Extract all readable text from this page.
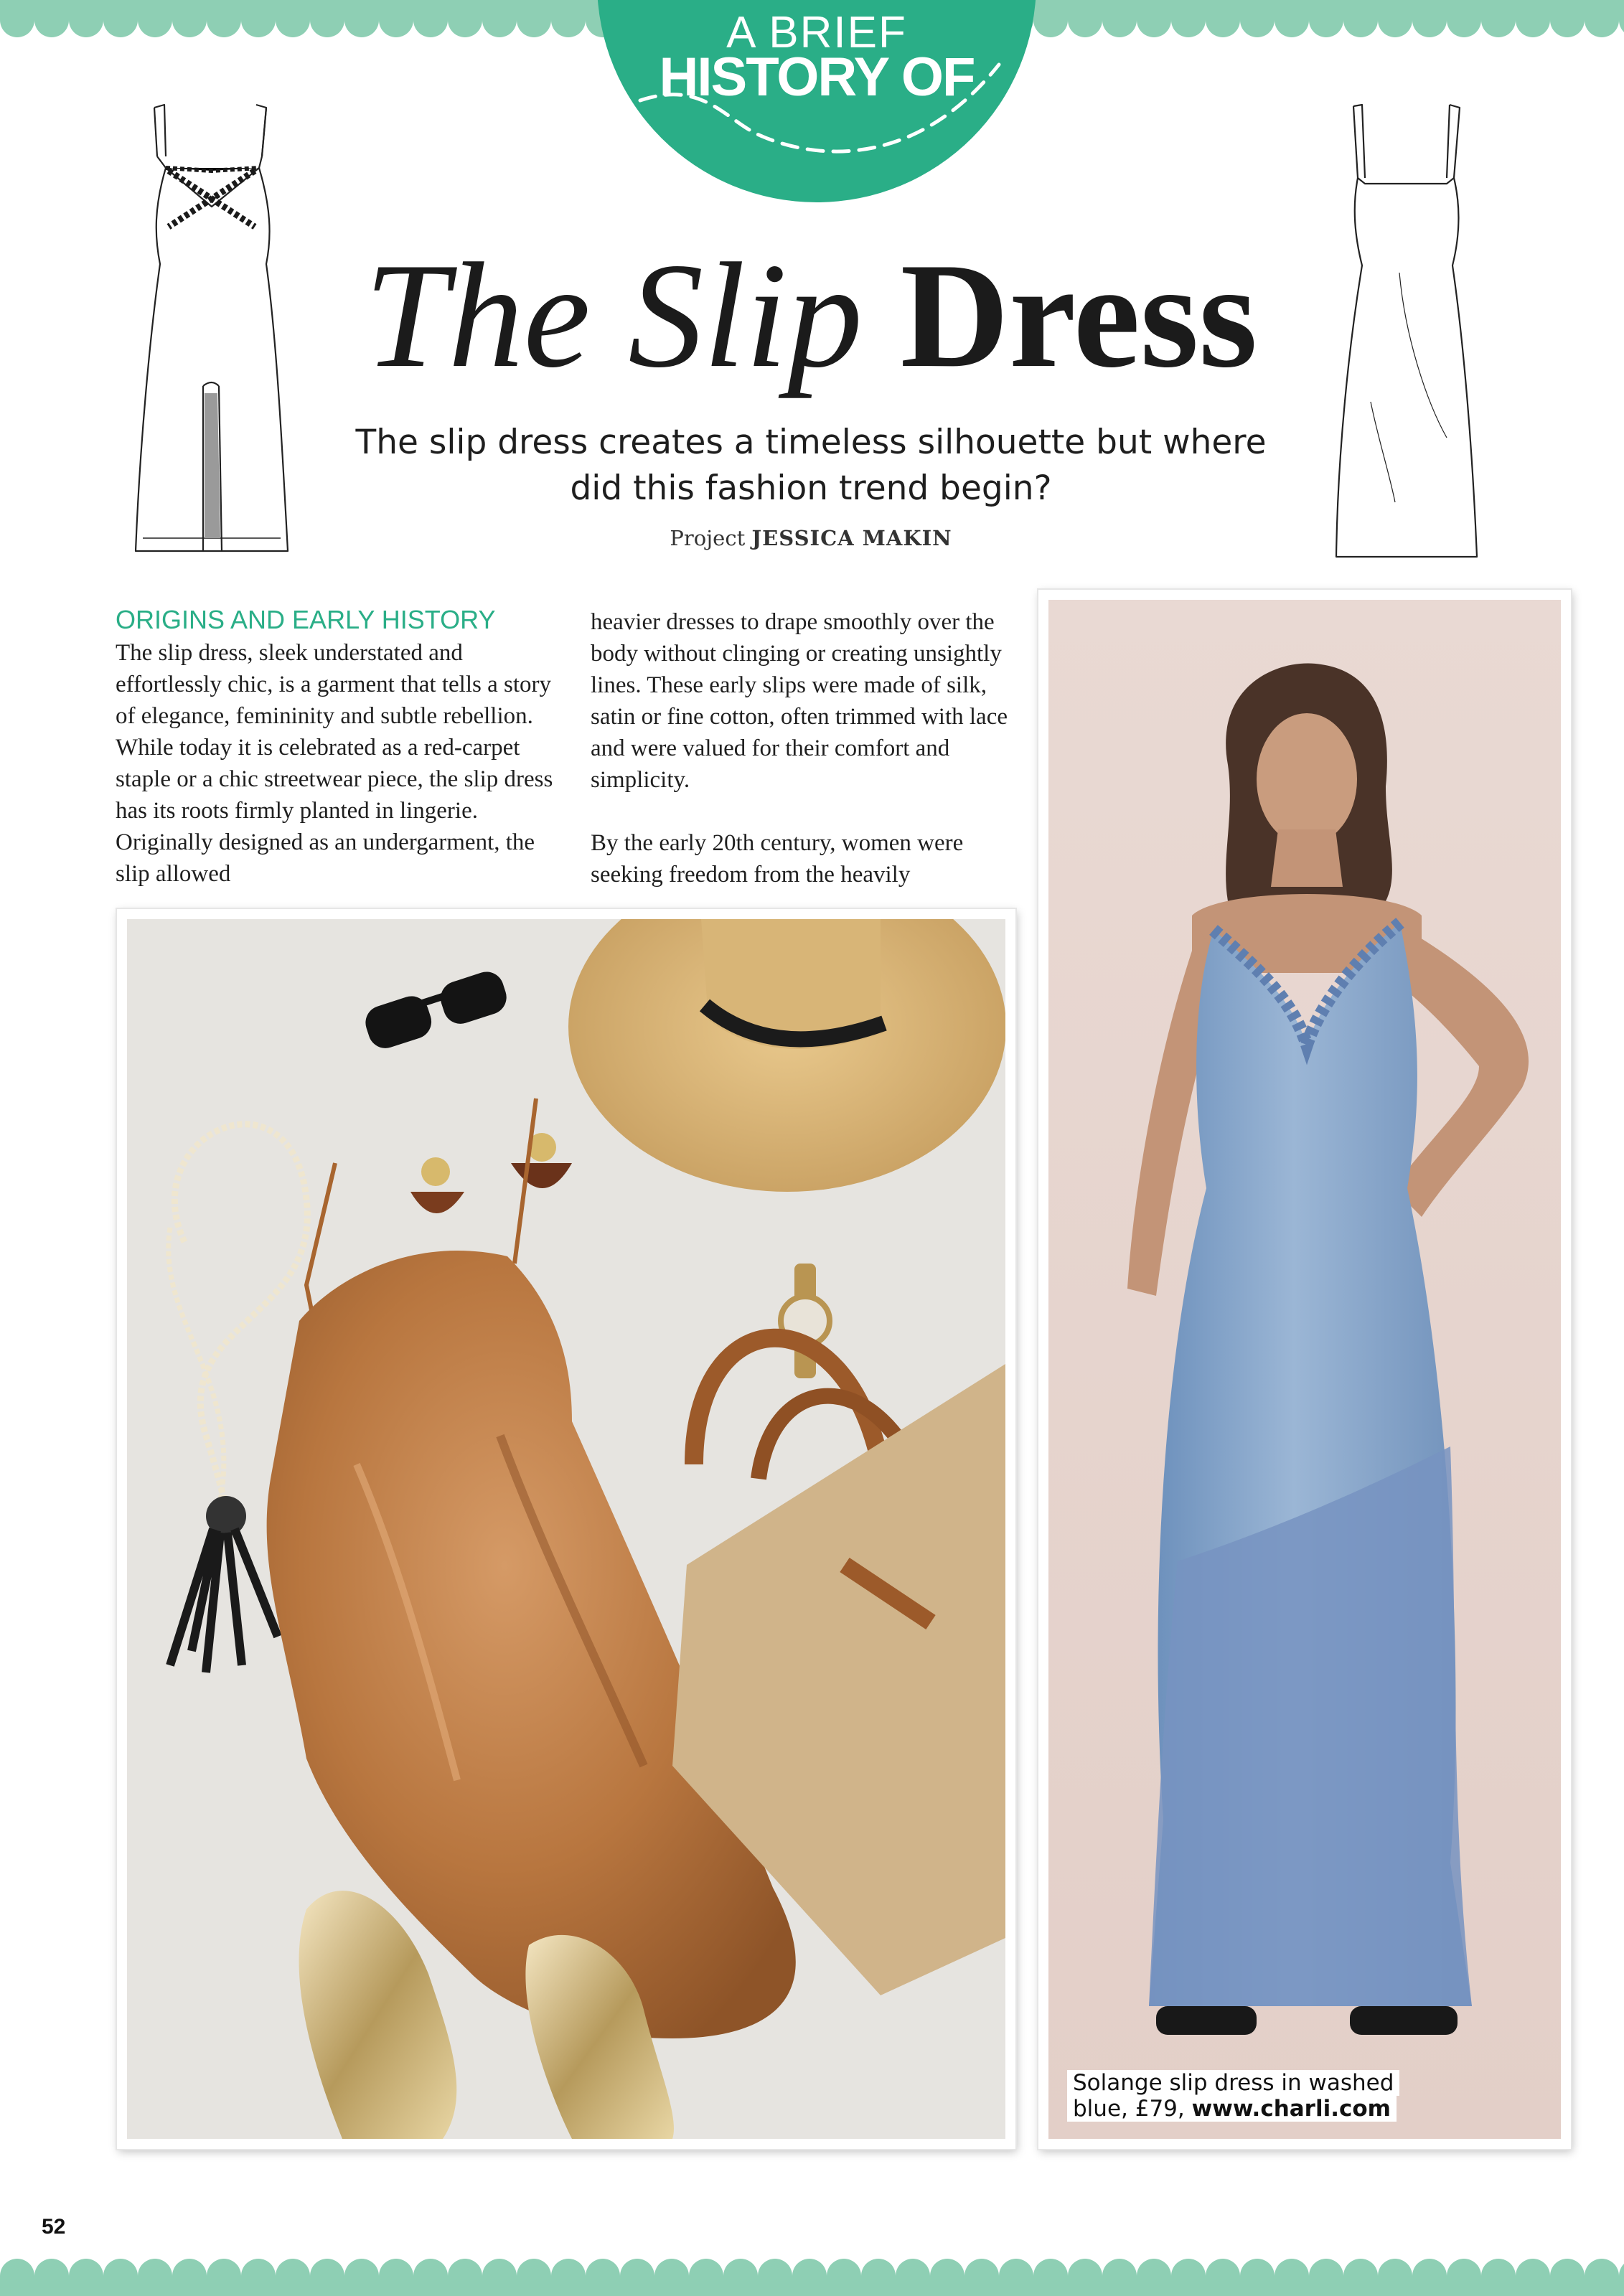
A BRIEF
HISTORY OF
The Slip Dress
The slip dress creates a timeless silhouette but where
did this fashion trend begin?
Project JESSICA MAKIN
ORIGINS AND EARLY HISTORY

The slip dress, sleek understated and effortlessly chic, is a garment that tells a story of elegance, femininity and subtle rebellion. While today it is celebrated as a red-carpet staple or a chic streetwear piece, the slip dress has its roots firmly planted in lingerie. Originally designed as an undergarment, the slip allowed

heavier dresses to drape smoothly over the body without clinging or creating unsightly lines. These early slips were made of silk, satin or fine cotton, often trimmed with lace and were valued for their comfort and simplicity.

By the early 20th century, women were seeking freedom from the heavily

Solange slip dress in washed
blue, £79, www.charli.com
52
